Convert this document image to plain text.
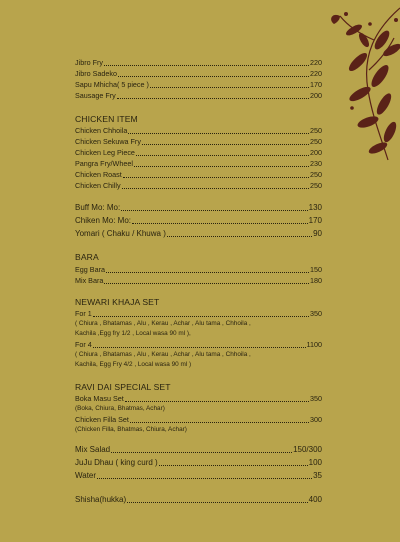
Jibro Fry	220
Jibro Sadeko	220
Sapu Mhicha( 5 piece )	170
Sausage Fry	200
CHICKEN ITEM
Chicken Chhoila	250
Chicken Sekuwa Fry	250
Chicken Leg Piece	200
Pangra Fry/Wheel	230
Chicken Roast	250
Chicken Chilly	250
Buff Mo: Mo:	130
Chiken Mo: Mo:	170
Yomari ( Chaku / Khuwa )	90
BARA
Egg Bara	150
Mix Bara	180
NEWARI KHAJA SET
For 1	350
( Chiura , Bhatamas , Alu , Kerau , Achar , Alu tama , Chhoila ,
Kachila ,Egg fry 1/2 , Local wasa 90 ml ),
For 4	1100
( Chiura , Bhatamas , Alu , Kerau , Achar , Alu tama , Chhoila ,
Kachila, Egg Fry 4/2 , Local wasa 90 ml )
RAVI DAI SPECIAL SET
Boka Masu Set	350
(Boka, Chiura, Bhatmas, Achar)
Chicken Filla Set	300
(Chicken Filla, Bhatmas, Chiura, Achar)
Mix Salad	150/300
JuJu Dhau ( king curd )	100
Water	35
Shisha(hukka)	400
